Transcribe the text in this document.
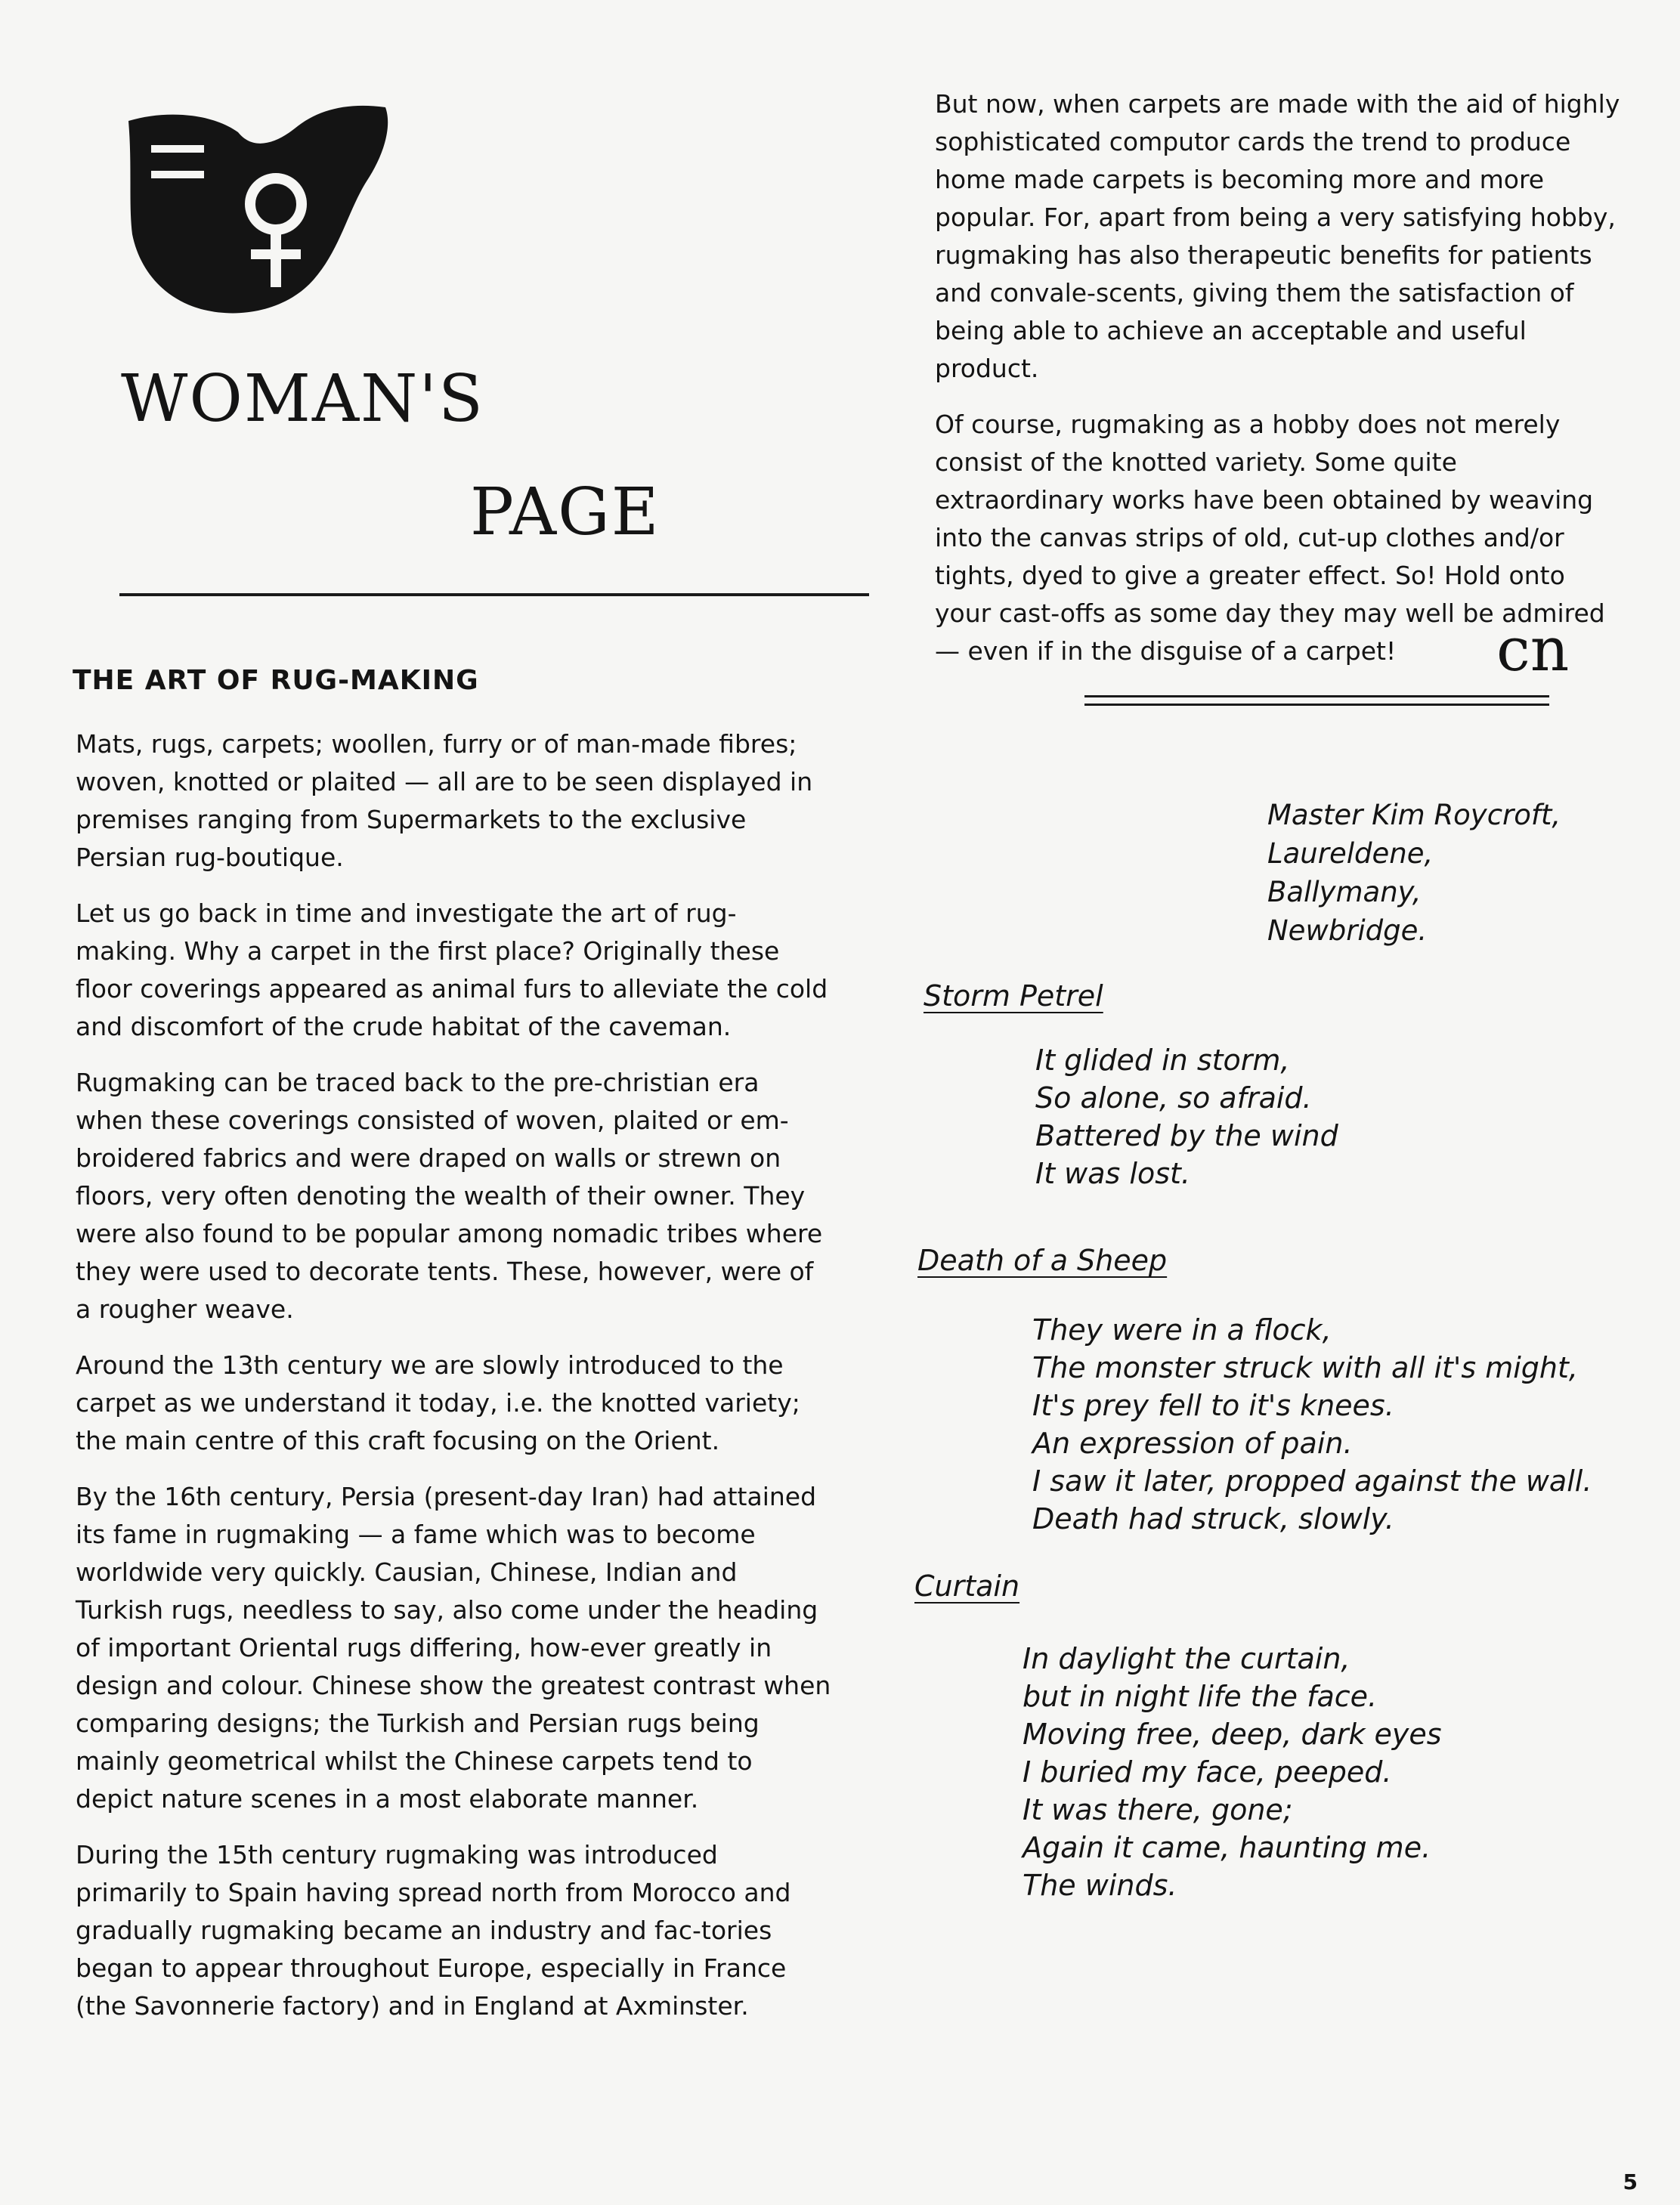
WOMAN'S
PAGE
THE ART OF RUG-MAKING

Mats, rugs, carpets; woollen, furry or of man-made fibres; woven, knotted or plaited — all are to be seen displayed in premises ranging from Supermarkets to the exclusive Persian rug-boutique.

Let us go back in time and investigate the art of rug-making. Why a carpet in the first place? Originally these floor coverings appeared as animal furs to alleviate the cold and discomfort of the crude habitat of the caveman.

Rugmaking can be traced back to the pre-christian era when these coverings consisted of woven, plaited or em-broidered fabrics and were draped on walls or strewn on floors, very often denoting the wealth of their owner. They were also found to be popular among nomadic tribes where they were used to decorate tents. These, however, were of a rougher weave.

Around the 13th century we are slowly introduced to the carpet as we understand it today, i.e. the knotted variety; the main centre of this craft focusing on the Orient.

By the 16th century, Persia (present-day Iran) had attained its fame in rugmaking — a fame which was to become worldwide very quickly. Causian, Chinese, Indian and Turkish rugs, needless to say, also come under the heading of important Oriental rugs differing, how-ever greatly in design and colour. Chinese show the greatest contrast when comparing designs; the Turkish and Persian rugs being mainly geometrical whilst the Chinese carpets tend to depict nature scenes in a most elaborate manner.

During the 15th century rugmaking was introduced primarily to Spain having spread north from Morocco and gradually rugmaking became an industry and fac-tories began to appear throughout Europe, especially in France (the Savonnerie factory) and in England at Axminster.

But now, when carpets are made with the aid of highly sophisticated computor cards the trend to produce home made carpets is becoming more and more popular. For, apart from being a very satisfying hobby, rugmaking has also therapeutic benefits for patients and convale-scents, giving them the satisfaction of being able to achieve an acceptable and useful product.

Of course, rugmaking as a hobby does not merely consist of the knotted variety. Some quite extraordinary works have been obtained by weaving into the canvas strips of old, cut-up clothes and/or tights, dyed to give a greater effect. So! Hold onto your cast-offs as some day they may well be admired — even if in the disguise of a carpet!	cn
Master Kim Roycroft,
Laureldene,
Ballymany,
Newbridge.
Storm Petrel
It glided in storm,
So alone, so afraid.
Battered by the wind
It was lost.
Death of a Sheep
They were in a flock,
The monster struck with all it's might,
It's prey fell to it's knees.
An expression of pain.
I saw it later, propped against the wall.
Death had struck, slowly.
Curtain
In daylight the curtain,
but in night life the face.
Moving free, deep, dark eyes
I buried my face, peeped.
It was there, gone;
Again it came, haunting me.
The winds.
5
